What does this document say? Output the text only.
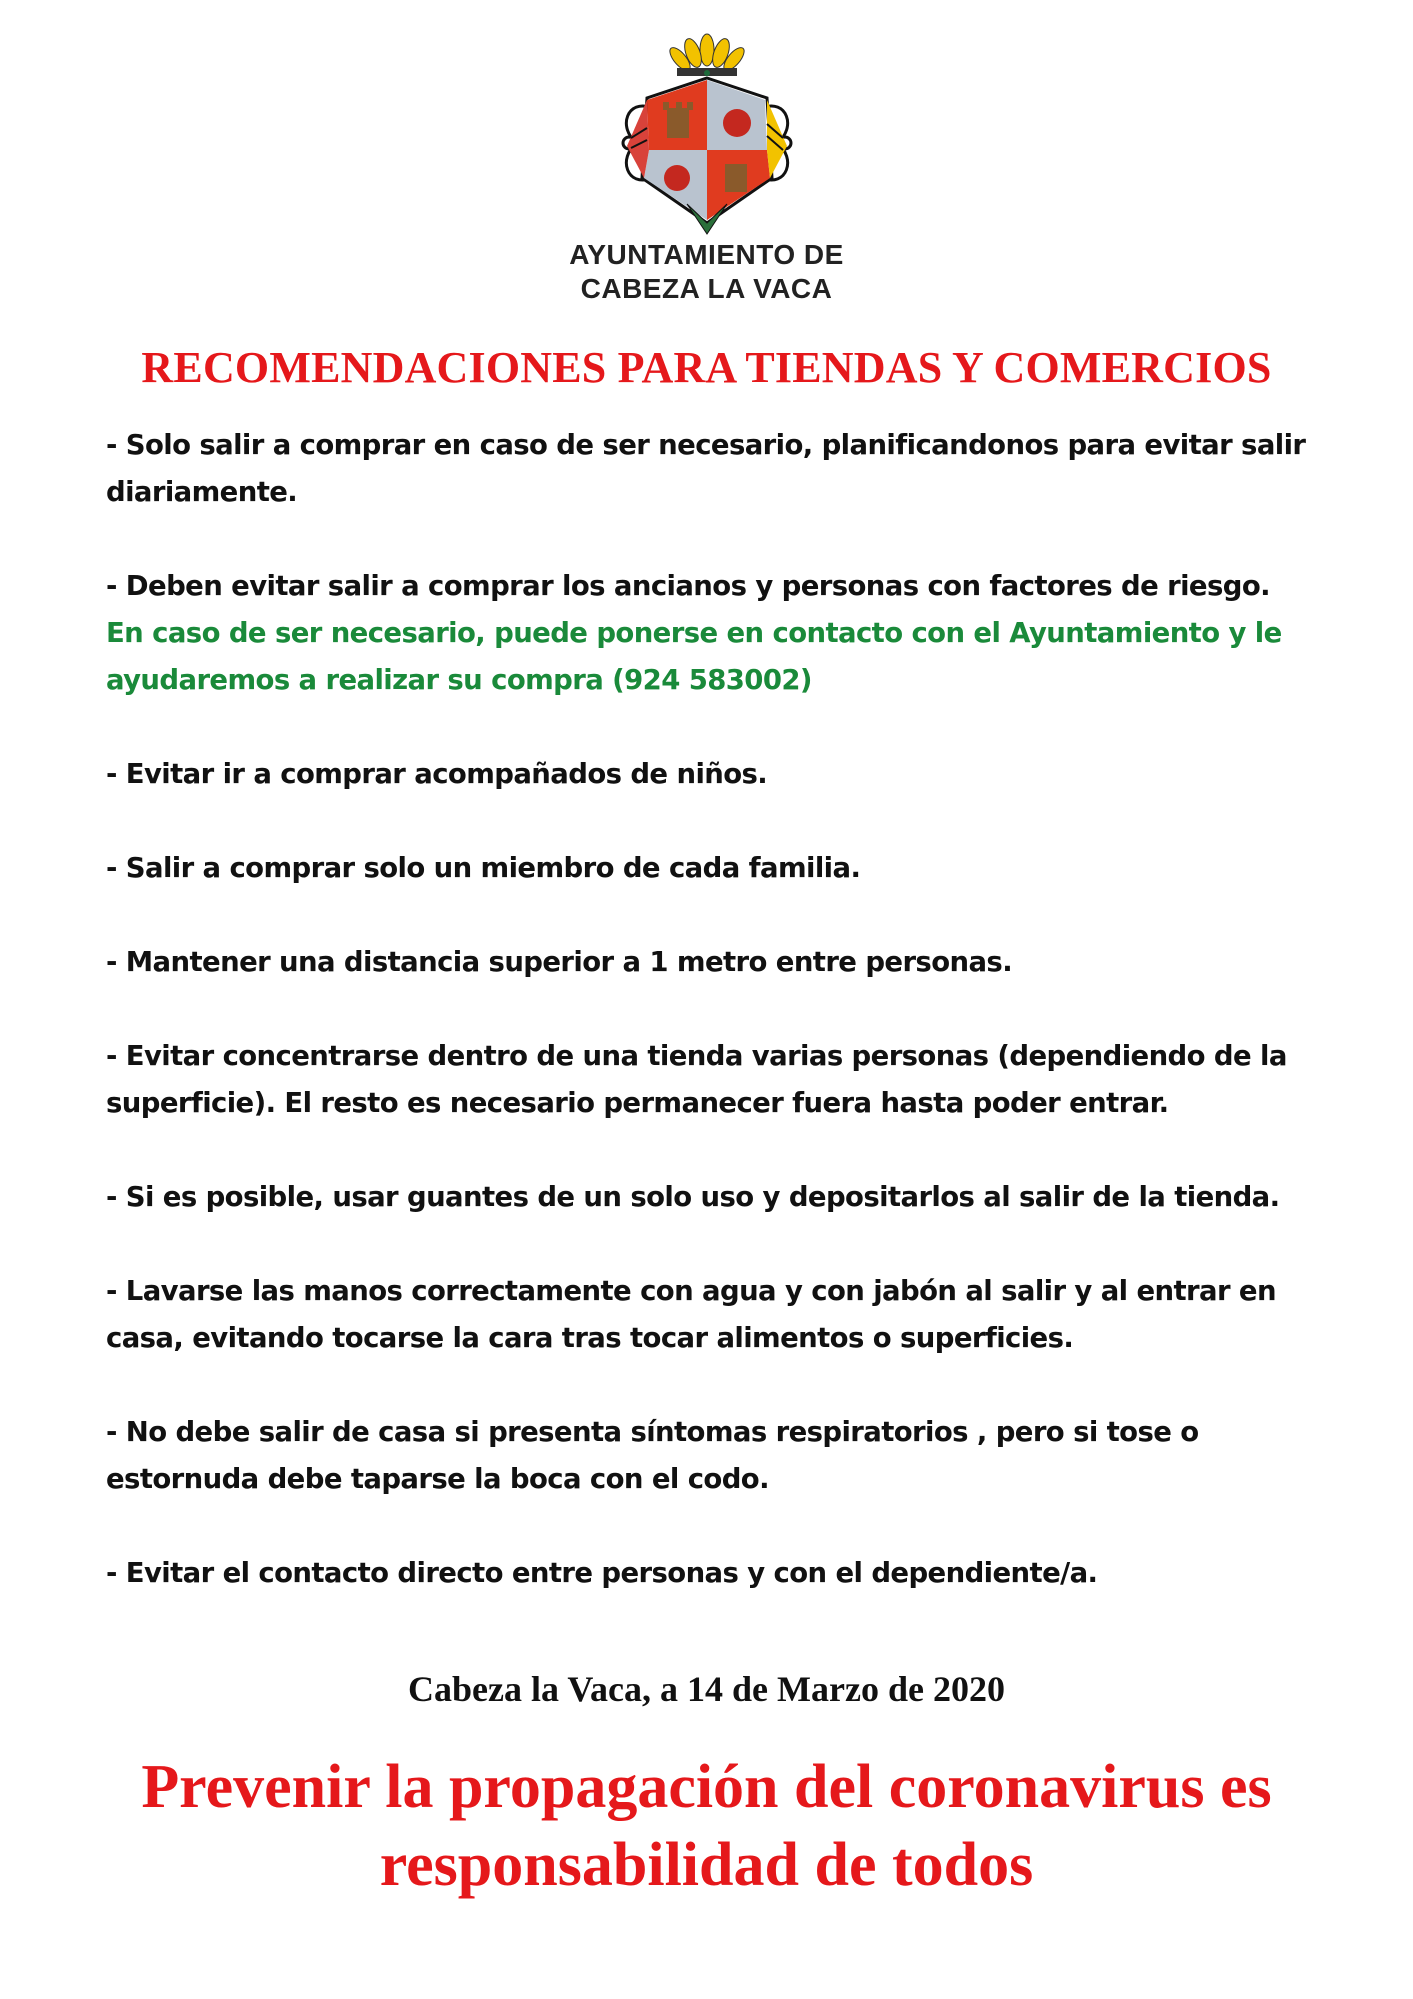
AYUNTAMIENTO DE
CABEZA LA VACA
RECOMENDACIONES PARA TIENDAS Y COMERCIOS
- Solo salir a comprar en caso de ser necesario, planificandonos para evitar salir diariamente.
- Deben evitar salir a comprar los ancianos y personas con factores de riesgo.
En caso de ser necesario, puede ponerse en contacto con el Ayuntamiento y le ayudaremos a realizar su compra (924 583002)
- Evitar ir a comprar acompañados de niños.
- Salir a comprar solo un miembro de cada familia.
- Mantener una distancia superior a 1 metro entre personas.
- Evitar concentrarse dentro de una tienda varias personas (dependiendo de la superficie). El resto es necesario permanecer fuera hasta poder entrar.
- Si es posible, usar guantes de un solo uso y depositarlos al salir de la tienda.
- Lavarse las manos correctamente con agua y con jabón al salir y al entrar en casa, evitando tocarse la cara tras tocar alimentos o superficies.
- No debe salir de casa si presenta síntomas respiratorios , pero si tose o estornuda debe taparse la boca con el codo.
- Evitar el contacto directo entre personas y con el dependiente/a.
Cabeza la Vaca, a 14 de Marzo de 2020
Prevenir la propagación del coronavirus es
responsabilidad de todos
